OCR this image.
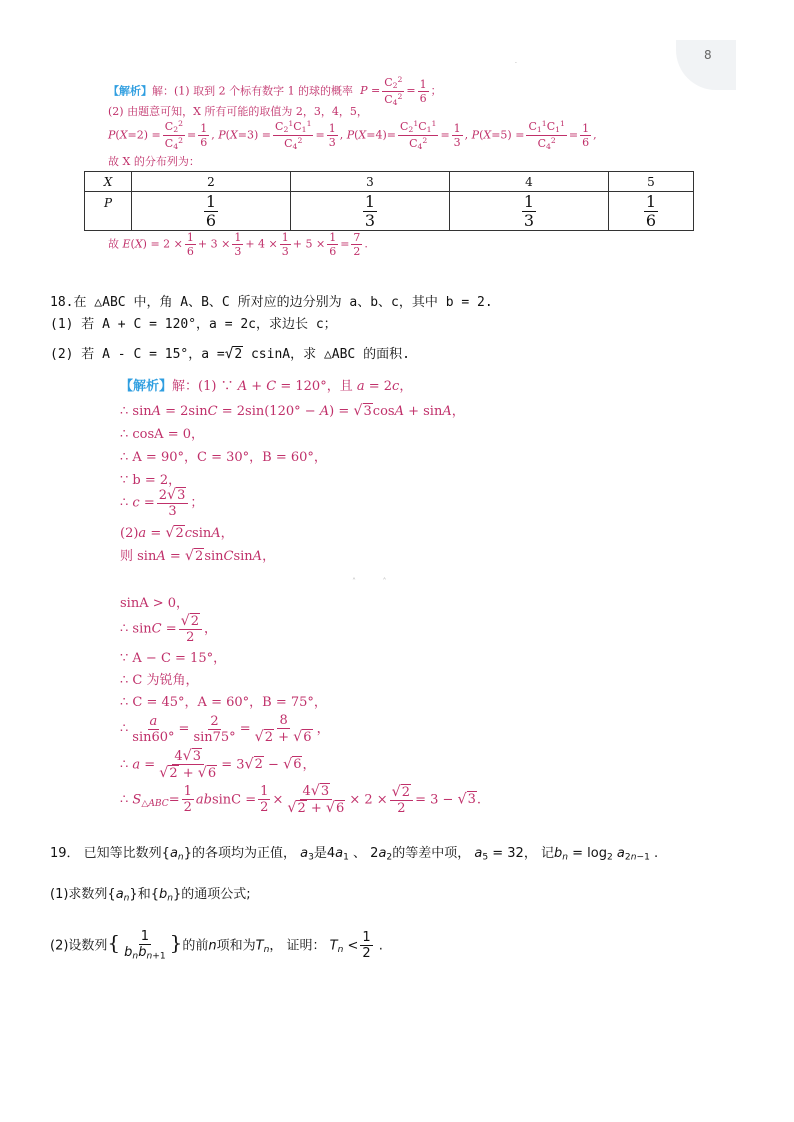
8
·
【解析】解：(1) 取到 2 个标有数字 1 的球的概率 $P = \frac{C_2^2}{C_4^2} = \frac{1}{6}$ ；
(2) 由题意可知，X 所有可能的取值为 2，3，4，5，
$P(X=2) = \frac{C_2^2}{C_4^2} = \frac{1}{6}$ , $P(X=3) = \frac{C_2^1C_1^1}{C_4^2} = \frac{1}{3}$ , $P(X=4)= \frac{C_2^1C_1^1}{C_4^2} = \frac{1}{3}$ , $P(X=5) = \frac{C_1^1C_1^1}{C_4^2} = \frac{1}{6}$ ,
故 X 的分布列为：
X	2	3	4	5
P	$\frac{1}{6}$	$\frac{1}{3}$	$\frac{1}{3}$	$\frac{1}{6}$
故 $E(X) = 2 \times \frac{1}{6} + 3 \times \frac{1}{3} + 4 \times \frac{1}{3} + 5 \times \frac{1}{6} = \frac{7}{2}$ .
18.在 △ABC 中，角 A、B、C 所对应的边分别为 a、b、c，其中 b = 2.
(1) 若 A + C = 120°，a = 2c，求边长 c；
(2) 若 A - C = 15°，a =√2 csinA，求 △ABC 的面积.
【解析】解：(1) ∵ A + C = 120°，且 a = 2c，
∴ sinA = 2sinC = 2sin(120° − A) = √3cosA + sinA，
∴ cosA = 0，
∴ A = 90°，C = 30°，B = 60°，
∵ b = 2，
∴ $c = \frac{2√3}{3}$ ；
(2)a = √2csinA，
则 sinA = √2sinCsinA，
˄ ˄
sinA > 0，
∴ $\sin C = \frac{√2}{2}$ ，
∵ A − C = 15°，
∴ C 为锐角，
∴ C = 45°，A = 60°，B = 75°，
∴ $\frac{a}{\sin 60^\circ} = \frac{2}{\sin 75^\circ} = \frac{8}{√2 + √6}$ ，
∴ $a = \frac{4√3}{√2 + √6} = 3√2 - √6$，
∴ $S_{\triangle ABC}= \frac{1}{2}$ $absinC = \frac{1}{2} \times \frac{4√3}{√2 + √6} \times 2 \times \frac{√2}{2} = 3 - √3$.
19． 已知等比数列$\{a_n\}$的各项均为正值， $a_3$是$4a_1$ 、 $2a_2$的等差中项， $a_5 = 32$， 记$b_n = \log_2 a_{2n-1}$ .
(1)求数列$\{a_n\}$和$\{b_n\}$的通项公式;
(2)设数列{ $\frac{1}{b_nb_{n+1}}$ }的前n项和为$T_n$， 证明： $T_n < \frac{1}{2}$ .
